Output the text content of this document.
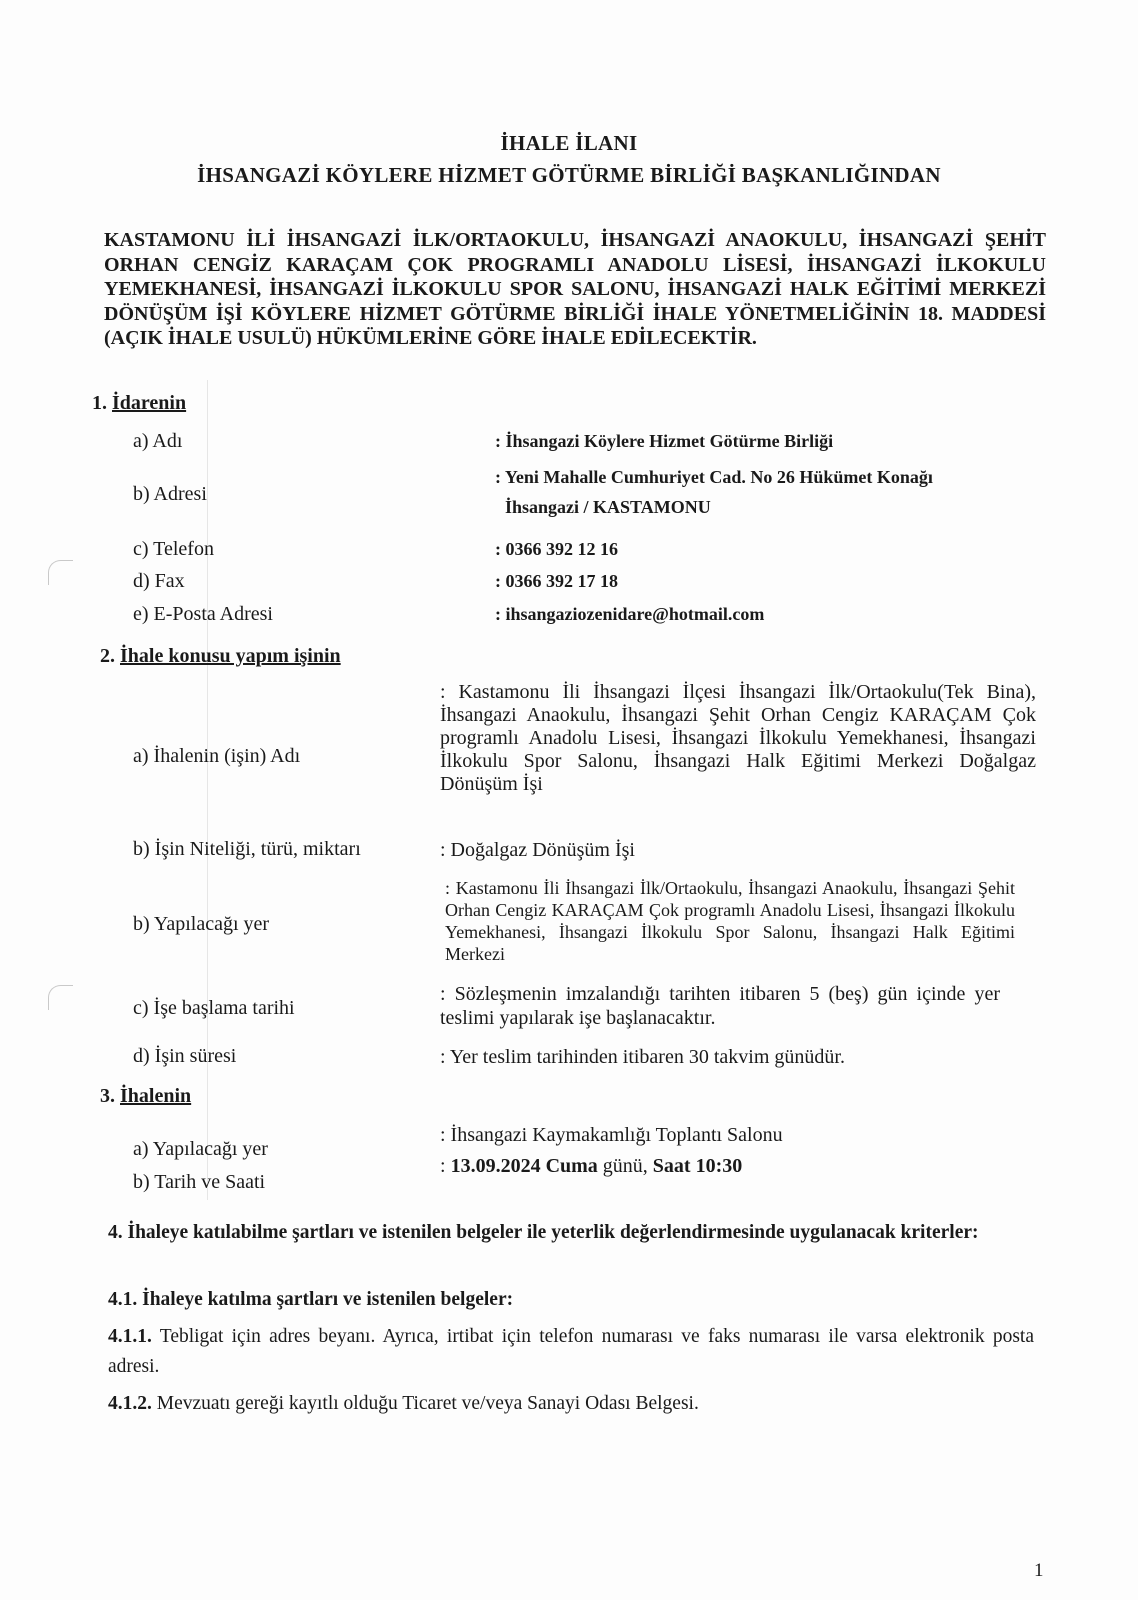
İHALE İLANI
İHSANGAZİ KÖYLERE HİZMET GÖTÜRME BİRLİĞİ BAŞKANLIĞINDAN
KASTAMONU İLİ İHSANGAZİ İLK/ORTAOKULU, İHSANGAZİ ANAOKULU, İHSANGAZİ ŞEHİT ORHAN CENGİZ KARAÇAM ÇOK PROGRAMLI ANADOLU LİSESİ, İHSANGAZİ İLKOKULU YEMEKHANESİ, İHSANGAZİ İLKOKULU SPOR SALONU, İHSANGAZİ HALK EĞİTİMİ MERKEZİ DÖNÜŞÜM İŞİ KÖYLERE HİZMET GÖTÜRME BİRLİĞİ İHALE YÖNETMELİĞİNİN 18. MADDESİ (AÇIK İHALE USULÜ) HÜKÜMLERİNE GÖRE İHALE EDİLECEKTİR.
1. İdarenin
a) Adı	: İhsangazi Köylere Hizmet Götürme Birliği
b) Adresi
: Yeni Mahalle Cumhuriyet Cad. No 26 Hükümet Konağı
İhsangazi / KASTAMONU
c) Telefon	: 0366 392 12 16
d) Fax	: 0366 392 17 18
e) E-Posta Adresi	: ihsangaziozenidare@hotmail.com
2. İhale konusu yapım işinin
a) İhalenin (işin) Adı
: Kastamonu İli İhsangazi İlçesi İhsangazi İlk/Ortaokulu(Tek Bina), İhsangazi Anaokulu, İhsangazi Şehit Orhan Cengiz KARAÇAM Çok programlı Anadolu Lisesi, İhsangazi İlkokulu Yemekhanesi, İhsangazi İlkokulu Spor Salonu, İhsangazi Halk Eğitimi Merkezi Doğalgaz Dönüşüm İşi
b) İşin Niteliği, türü, miktarı	: Doğalgaz Dönüşüm İşi
b) Yapılacağı yer
: Kastamonu İli İhsangazi İlk/Ortaokulu, İhsangazi Anaokulu, İhsangazi Şehit Orhan Cengiz KARAÇAM Çok programlı Anadolu Lisesi, İhsangazi İlkokulu Yemekhanesi, İhsangazi İlkokulu Spor Salonu, İhsangazi Halk Eğitimi Merkezi
c) İşe başlama tarihi
: Sözleşmenin imzalandığı tarihten itibaren 5 (beş) gün içinde yer teslimi yapılarak işe başlanacaktır.
d) İşin süresi	: Yer teslim tarihinden itibaren 30 takvim günüdür.
3. İhalenin
a) Yapılacağı yer
: İhsangazi Kaymakamlığı Toplantı Salonu
b) Tarih ve Saati
: 13.09.2024 Cuma günü, Saat 10:30
4. İhaleye katılabilme şartları ve istenilen belgeler ile yeterlik değerlendirmesinde uygulanacak kriterler:
4.1. İhaleye katılma şartları ve istenilen belgeler:
4.1.1. Tebligat için adres beyanı. Ayrıca, irtibat için telefon numarası ve faks numarası ile varsa elektronik posta adresi.
4.1.2. Mevzuatı gereği kayıtlı olduğu Ticaret ve/veya Sanayi Odası Belgesi.
1
